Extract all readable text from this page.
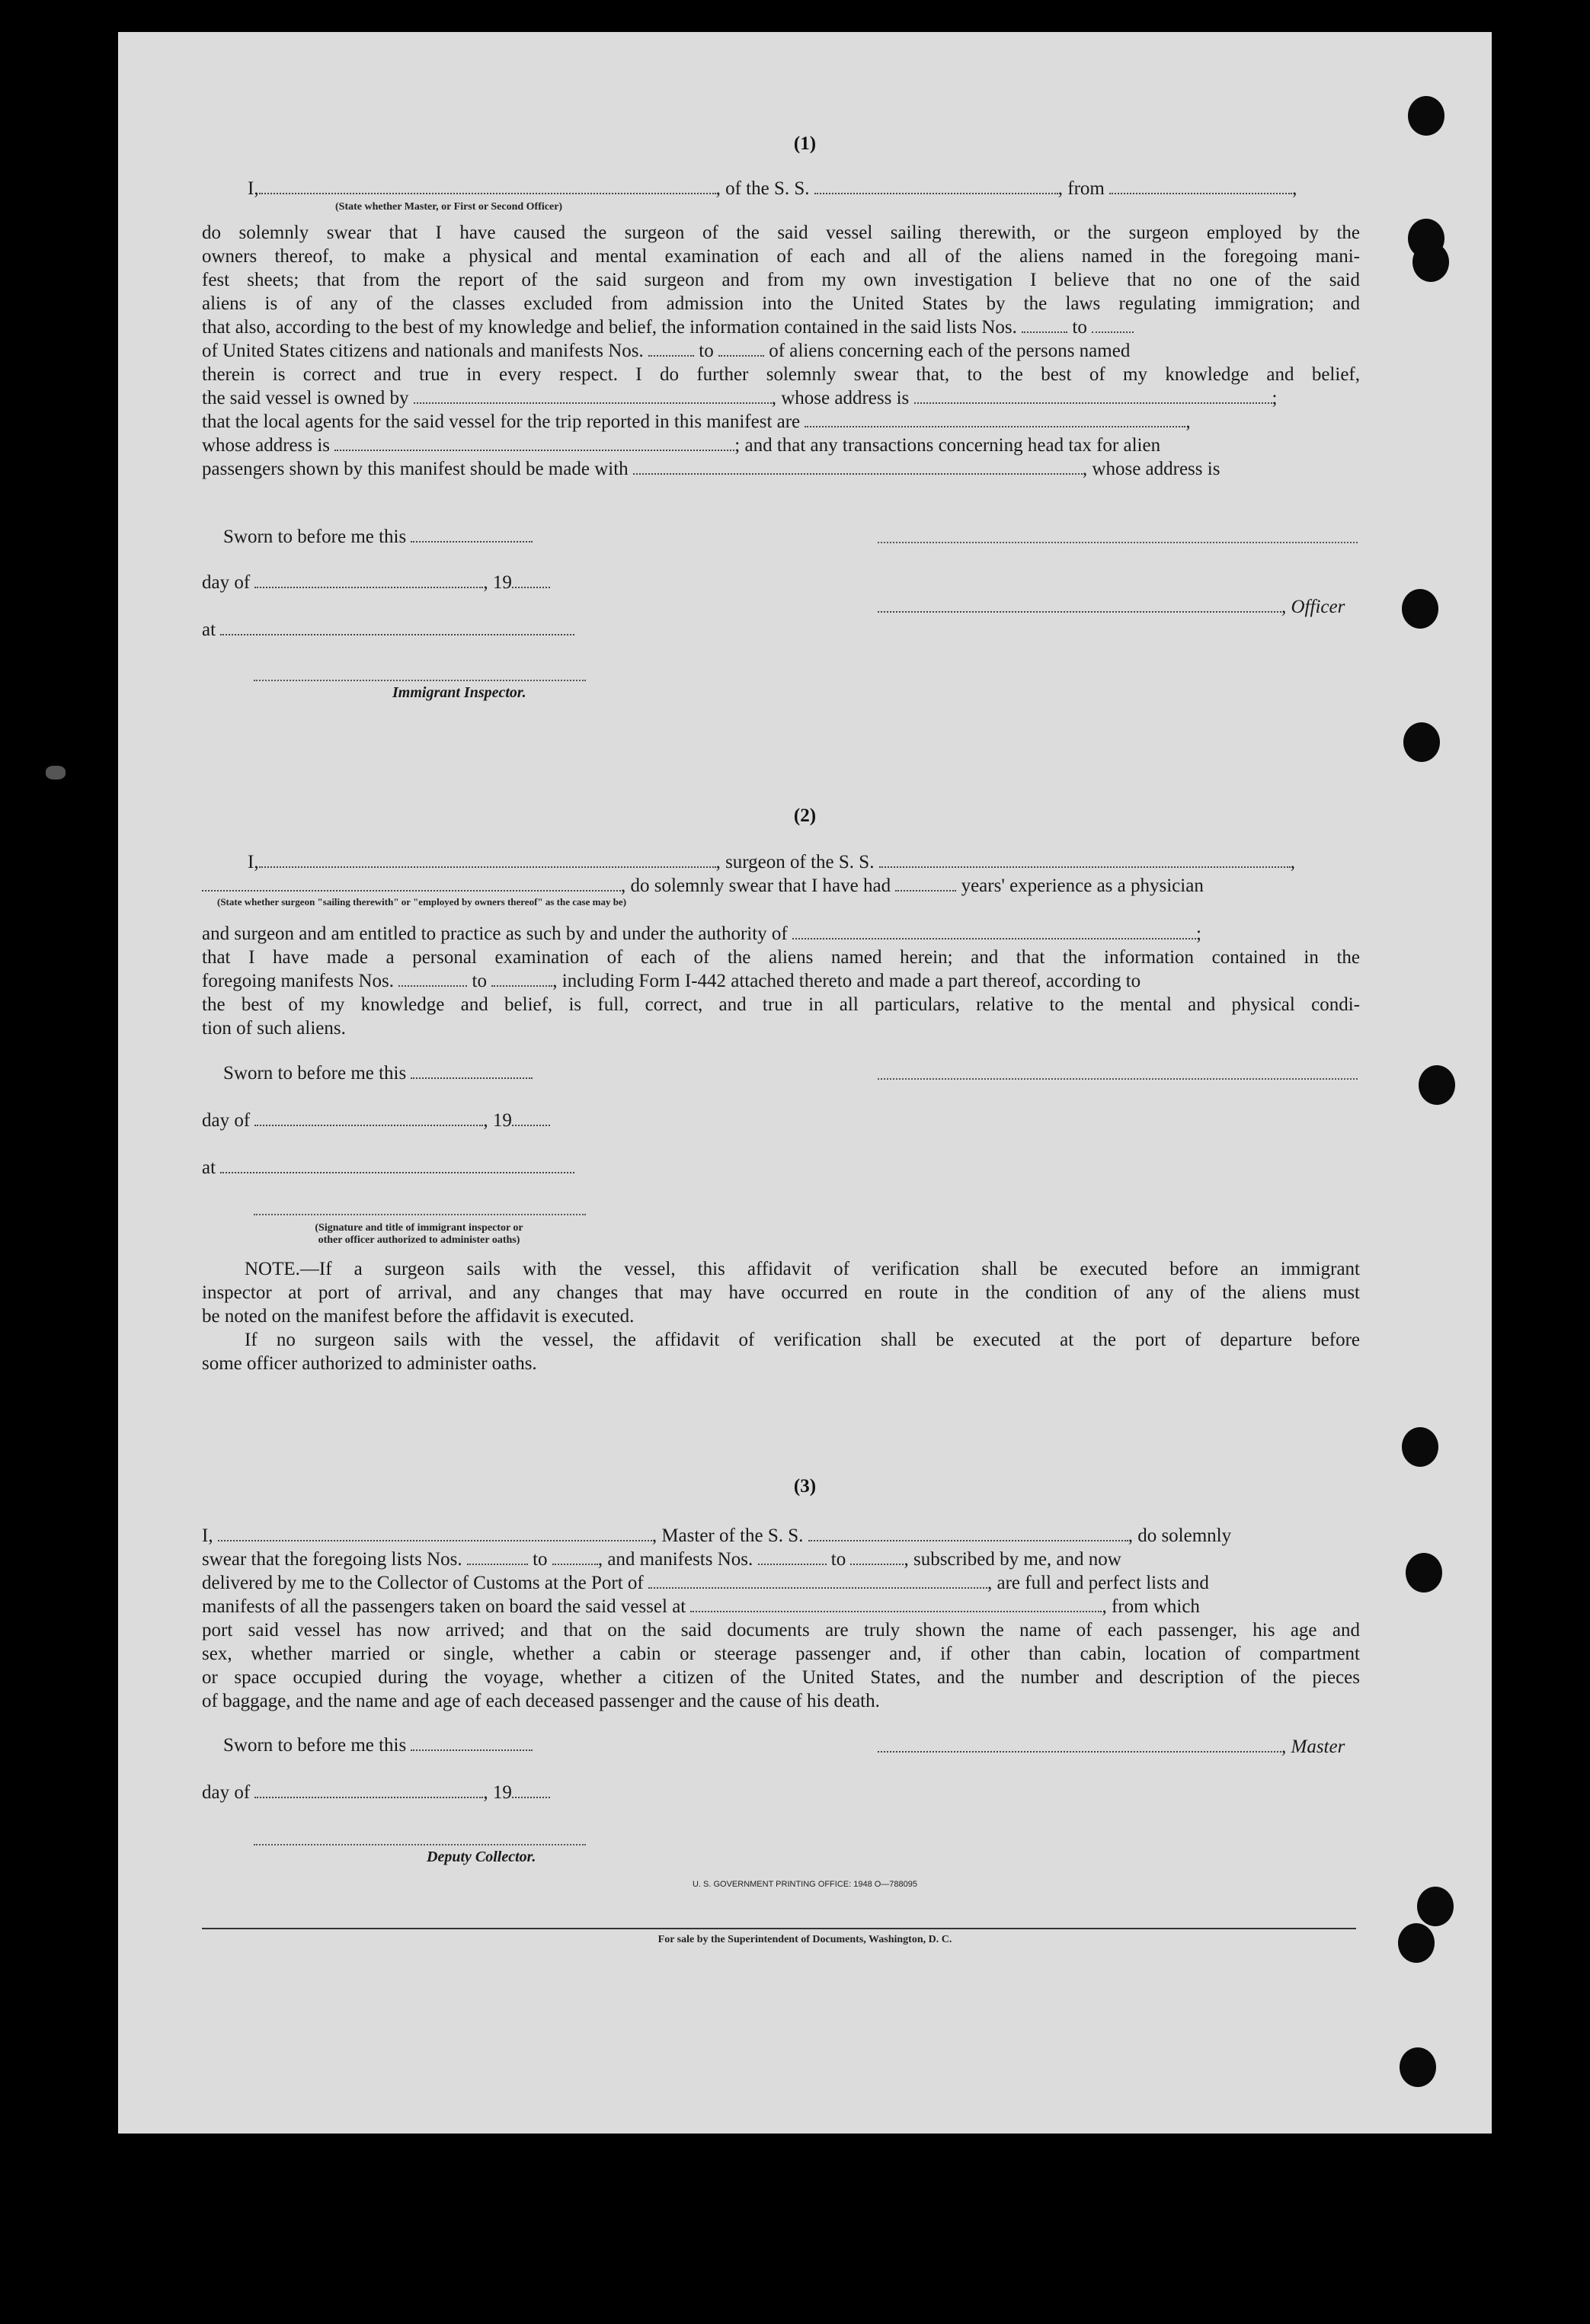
(1)
I,	, of the S. S.	, from	,
(State whether Master, or First or Second Officer)
do solemnly swear that I have caused the surgeon of the said vessel sailing therewith, or the surgeon employed by the
owners thereof, to make a physical and mental examination of each and all of the aliens named in the foregoing mani-
fest sheets; that from the report of the said surgeon and from my own investigation I believe that no one of the said
aliens is of any of the classes excluded from admission into the United States by the laws regulating immigration; and
that also, according to the best of my knowledge and belief, the information contained in the said lists Nos.	to
of United States citizens and nationals and manifests Nos.	to	of aliens concerning each of the persons named
therein is correct and true in every respect. I do further solemnly swear that, to the best of my knowledge and belief,
the said vessel is owned by	, whose address is	;
that the local agents for the said vessel for the trip reported in this manifest are	,
whose address is	; and that any transactions concerning head tax for alien
passengers shown by this manifest should be made with	, whose address is
Sworn to before me this
day of	, 19
at
Immigrant Inspector.
, Officer
(2)
I,	, surgeon of the S. S.	,
, do solemnly swear that I have had	years' experience as a physician
(State whether surgeon "sailing therewith" or "employed by owners thereof" as the case may be)
and surgeon and am entitled to practice as such by and under the authority of	;
that I have made a personal examination of each of the aliens named herein; and that the information contained in the
foregoing manifests Nos.	to	, including Form I-442 attached thereto and made a part thereof, according to
the best of my knowledge and belief, is full, correct, and true in all particulars, relative to the mental and physical condi-
tion of such aliens.
Sworn to before me this
day of	, 19
at
(Signature and title of immigrant inspector or
other officer authorized to administer oaths)
NOTE.—If a surgeon sails with the vessel, this affidavit of verification shall be executed before an immigrant
inspector at port of arrival, and any changes that may have occurred en route in the condition of any of the aliens must
be noted on the manifest before the affidavit is executed.
If no surgeon sails with the vessel, the affidavit of verification shall be executed at the port of departure before
some officer authorized to administer oaths.
(3)
I,	, Master of the S. S.	, do solemnly
swear that the foregoing lists Nos.	to	, and manifests Nos.	to	, subscribed by me, and now
delivered by me to the Collector of Customs at the Port of	, are full and perfect lists and
manifests of all the passengers taken on board the said vessel at	, from which
port said vessel has now arrived; and that on the said documents are truly shown the name of each passenger, his age and
sex, whether married or single, whether a cabin or steerage passenger and, if other than cabin, location of compartment
or space occupied during the voyage, whether a citizen of the United States, and the number and description of the pieces
of baggage, and the name and age of each deceased passenger and the cause of his death.
Sworn to before me this	, Master
day of	, 19
Deputy Collector.
U. S. GOVERNMENT PRINTING OFFICE: 1948 O—788095
For sale by the Superintendent of Documents, Washington, D. C.
